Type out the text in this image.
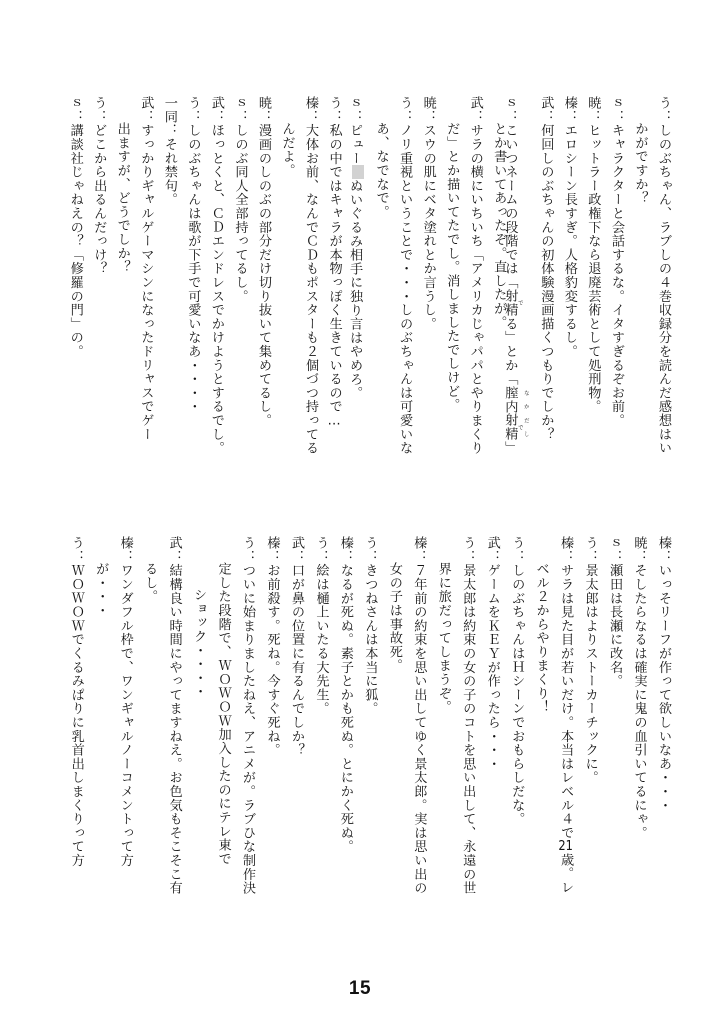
う：しのぶちゃん、ラブしの４巻収録分を読んだ感想はい
かがですか？
ｓ：キャラクターと会話するな。イタすぎるぞお前。
暁：ヒットラー政権下なら退廃芸術として処刑物。
榛：エロシーン長すぎ。人格豹変するし。
武：何回しのぶちゃんの初体験漫画描くつもりでしか？
ｓ：こいつネームの段階では「射精 でる」とか「膣内射精 で なかだし」
とか書いてあったぞ。直したが。
武：サラの横にいちいち「アメリカじゃパパとやりまくり
だ」とか描いてたでし。消しましたでしけど。
暁：スウの肌にベタ塗れとか言うし。
う：ノリ重視ということで・・・しのぶちゃんは可愛いな
あ、なでなで。
ｓ：ピューぬいぐるみ相手に独り言はやめろ。
う：私の中ではキャラが本物っぽく生きているので…
榛：大体お前、なんでＣＤもポスターも２個づつ持ってる
んだよ。
暁：漫画のしのぶの部分だけ切り抜いて集めてるし。
ｓ：しのぶ同人全部持ってるし。
武：ほっとくと、ＣＤエンドレスでかけようとするでし。
う：しのぶちゃんは歌が下手で可愛いなあ・・・・
一同：それ禁句。
武：すっかりギャルゲーマシンになったドリャスでゲー
出ますが、どうでしか？
う：どこから出るんだっけ？
ｓ：講談社じゃねえの？「修羅の門」の。
榛：いっそリーフが作って欲しいなあ・・・
暁：そしたらなるは確実に鬼の血引いてるにゃ。
ｓ：瀬田は長瀬に改名。
う：景太郎はよりストーカーチックに。
榛：サラは見た目が若いだけ。本当はレベル４で21歳。レ
ベル２からやりまくり！
う：しのぶちゃんはＨシーンでおもらしだな。
武：ゲームをＫＥＹが作ったら・・・
う：景太郎は約束の女の子のコトを思い出して、永遠の世
界に旅だってしまうぞ。
榛：７年前の約束を思い出してゆく景太郎。実は思い出の
女の子は事故死。
う：きつねさんは本当に狐。
榛：なるが死ぬ。素子とかも死ぬ。とにかく死ぬ。
う：絵は樋上いたる大先生。
武：口が鼻の位置に有るんでしか？
榛：お前殺す。死ね。今すぐ死ね。
う：ついに始まりましたねえ、アニメが。ラブひな制作決
定した段階で、ＷＯＷＯＷ加入したのにテレ東で
ショック・・・・
武：結構良い時間にやってますねえ。お色気もそこそこ有
るし。
榛：ワンダフル枠で、ワンギャルノーコメントって方
が・・・
う：ＷＯＷＯＷでくるみぱりに乳首出しまくりって方
15
